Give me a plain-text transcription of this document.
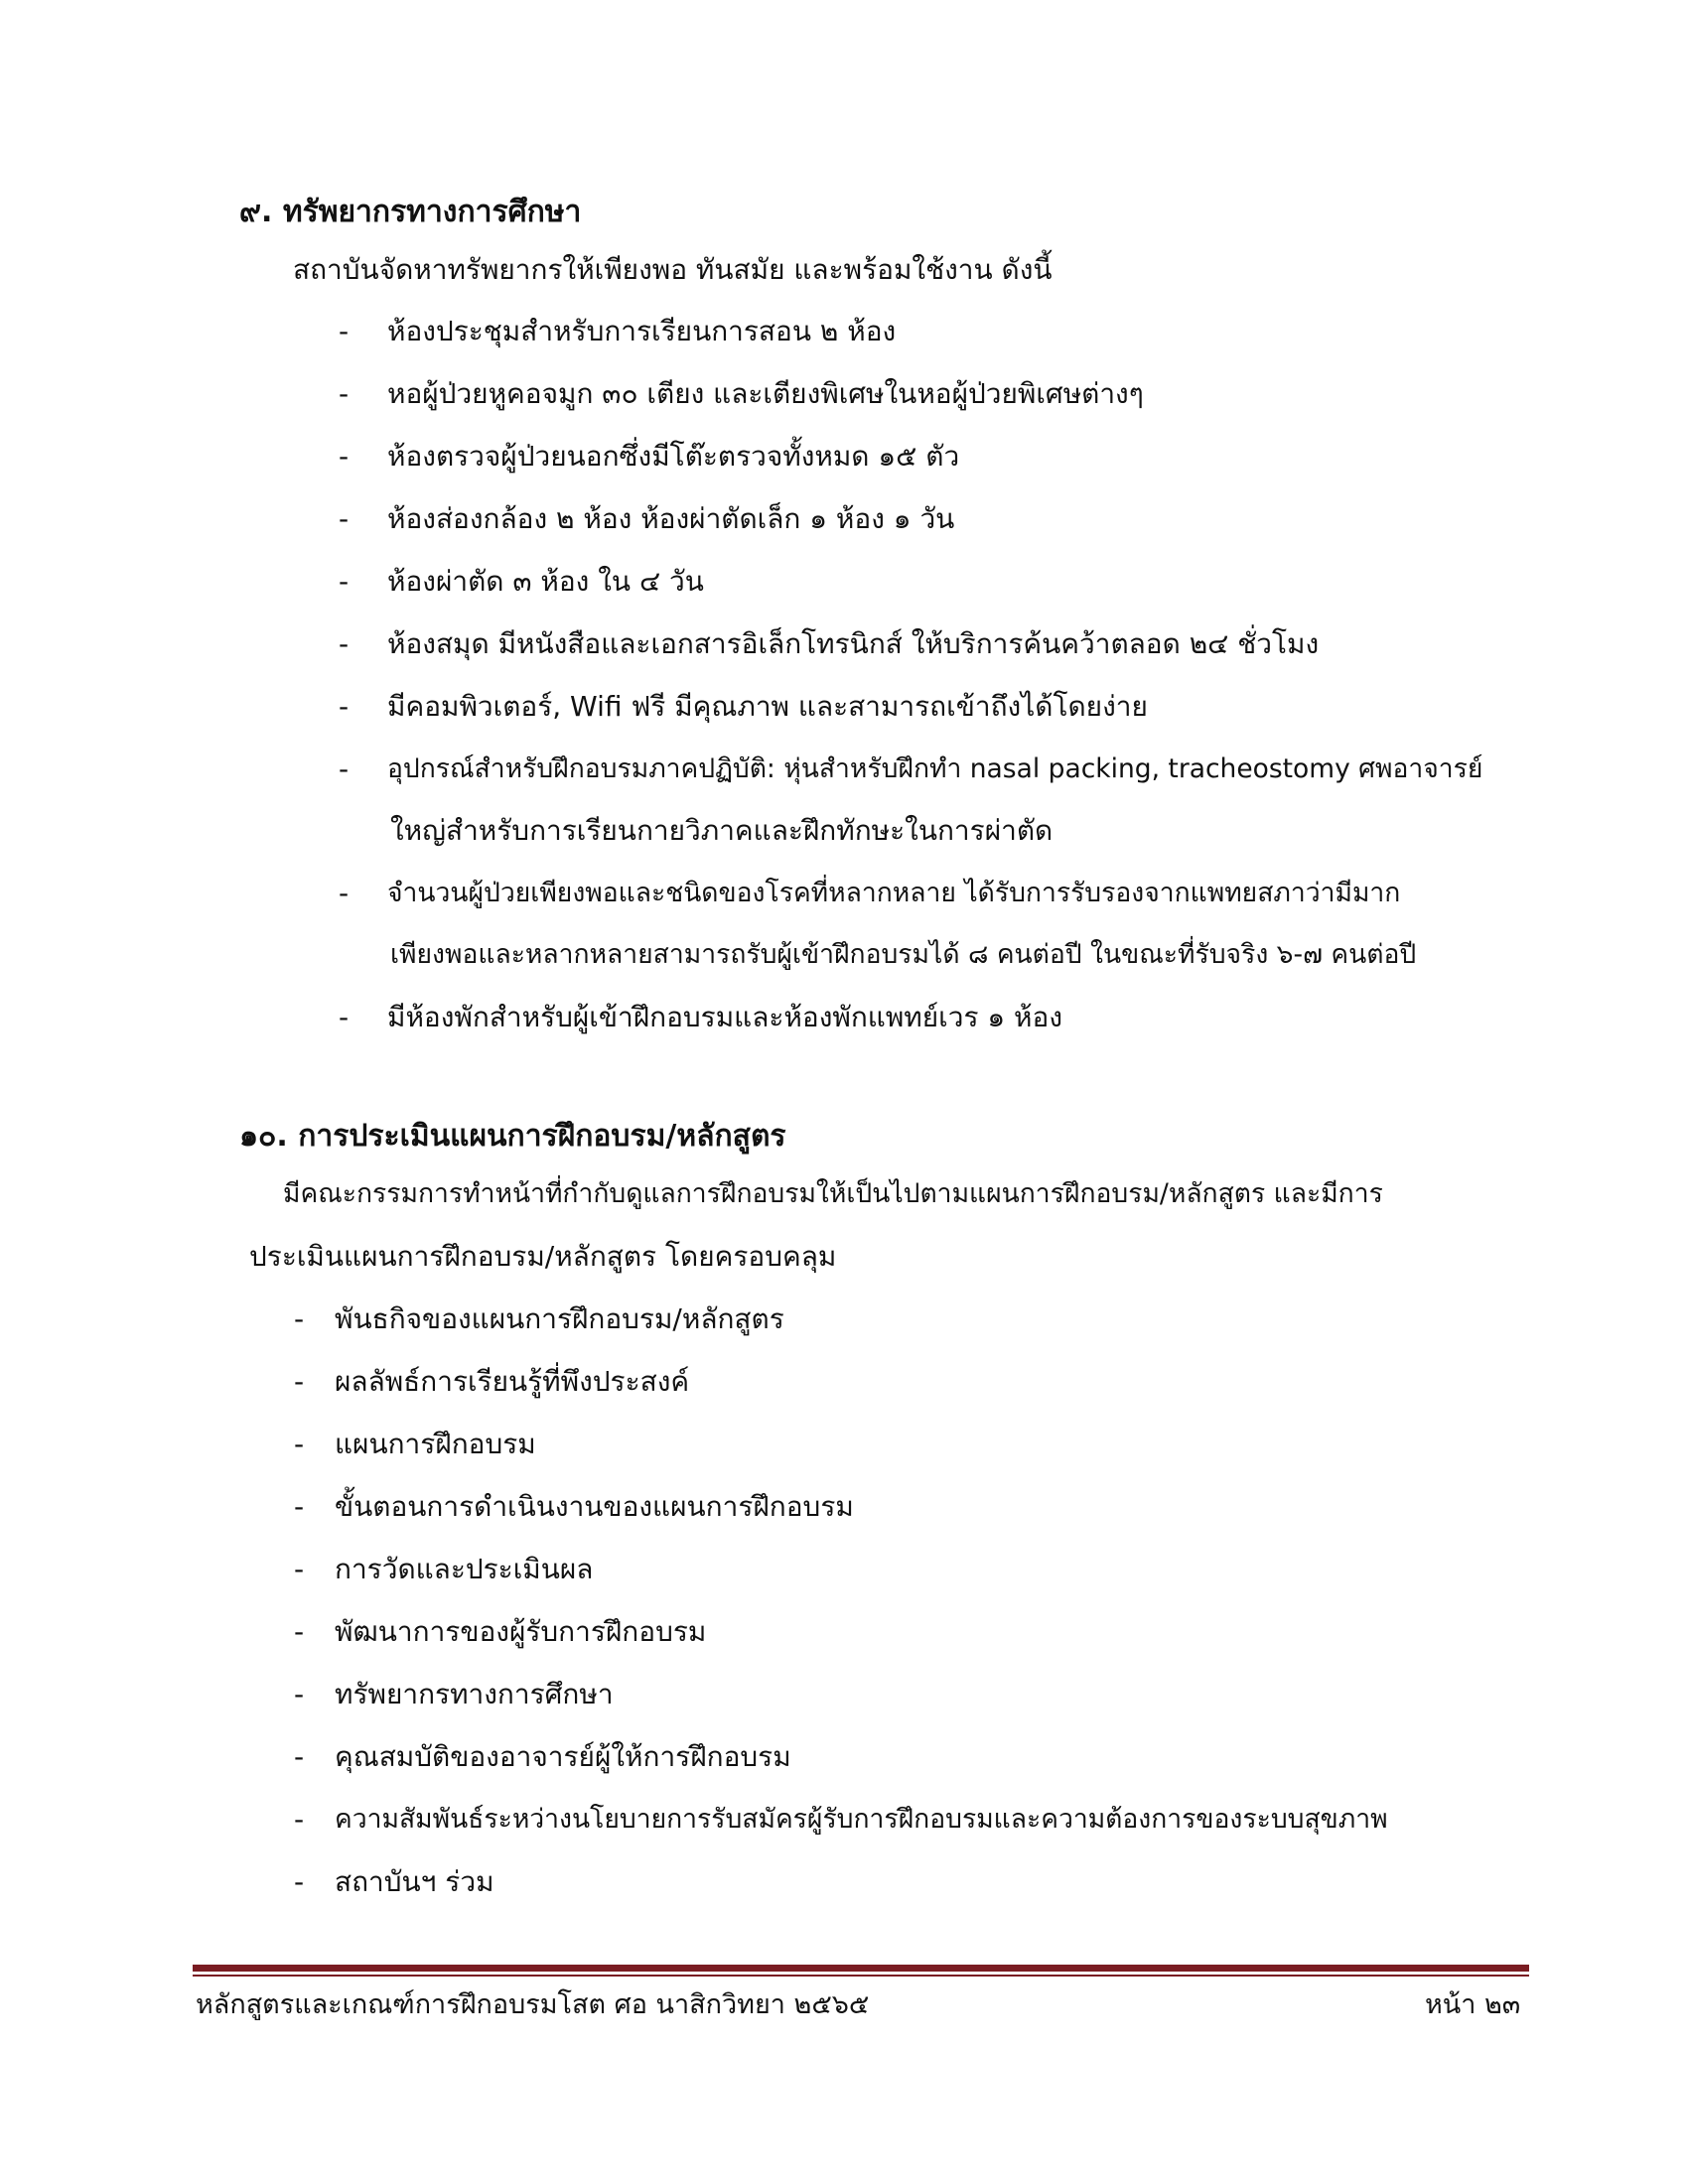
๙. ทรัพยากรทางการศึกษา
สถาบันจัดหาทรัพยากรให้เพียงพอ ทันสมัย และพร้อมใช้งาน ดังนี้
- ห้องประชุมสำหรับการเรียนการสอน ๒ ห้อง
- หอผู้ป่วยหูคอจมูก ๓๐ เตียง และเตียงพิเศษในหอผู้ป่วยพิเศษต่างๆ
- ห้องตรวจผู้ป่วยนอกซึ่งมีโต๊ะตรวจทั้งหมด ๑๕ ตัว
- ห้องส่องกล้อง ๒ ห้อง ห้องผ่าตัดเล็ก ๑ ห้อง ๑ วัน
- ห้องผ่าตัด ๓ ห้อง ใน ๔ วัน
- ห้องสมุด มีหนังสือและเอกสารอิเล็กโทรนิกส์ ให้บริการค้นคว้าตลอด ๒๔ ชั่วโมง
- มีคอมพิวเตอร์, Wifi ฟรี มีคุณภาพ และสามารถเข้าถึงได้โดยง่าย
- อุปกรณ์สำหรับฝึกอบรมภาคปฏิบัติ: หุ่นสำหรับฝึกทำ nasal packing, tracheostomy ศพอาจารย์
ใหญ่สำหรับการเรียนกายวิภาคและฝึกทักษะในการผ่าตัด
- จำนวนผู้ป่วยเพียงพอและชนิดของโรคที่หลากหลาย ได้รับการรับรองจากแพทยสภาว่ามีมาก
เพียงพอและหลากหลายสามารถรับผู้เข้าฝึกอบรมได้ ๘ คนต่อปี ในขณะที่รับจริง ๖-๗ คนต่อปี
- มีห้องพักสำหรับผู้เข้าฝึกอบรมและห้องพักแพทย์เวร ๑ ห้อง
๑๐. การประเมินแผนการฝึกอบรม/หลักสูตร
มีคณะกรรมการทำหน้าที่กำกับดูแลการฝึกอบรมให้เป็นไปตามแผนการฝึกอบรม/หลักสูตร และมีการ
ประเมินแผนการฝึกอบรม/หลักสูตร โดยครอบคลุม
- พันธกิจของแผนการฝึกอบรม/หลักสูตร
- ผลลัพธ์การเรียนรู้ที่พึงประสงค์
- แผนการฝึกอบรม
- ขั้นตอนการดำเนินงานของแผนการฝึกอบรม
- การวัดและประเมินผล
- พัฒนาการของผู้รับการฝึกอบรม
- ทรัพยากรทางการศึกษา
- คุณสมบัติของอาจารย์ผู้ให้การฝึกอบรม
- ความสัมพันธ์ระหว่างนโยบายการรับสมัครผู้รับการฝึกอบรมและความต้องการของระบบสุขภาพ
- สถาบันฯ ร่วม
หลักสูตรและเกณฑ์การฝึกอบรมโสต ศอ นาสิกวิทยา ๒๕๖๕	หน้า ๒๓
